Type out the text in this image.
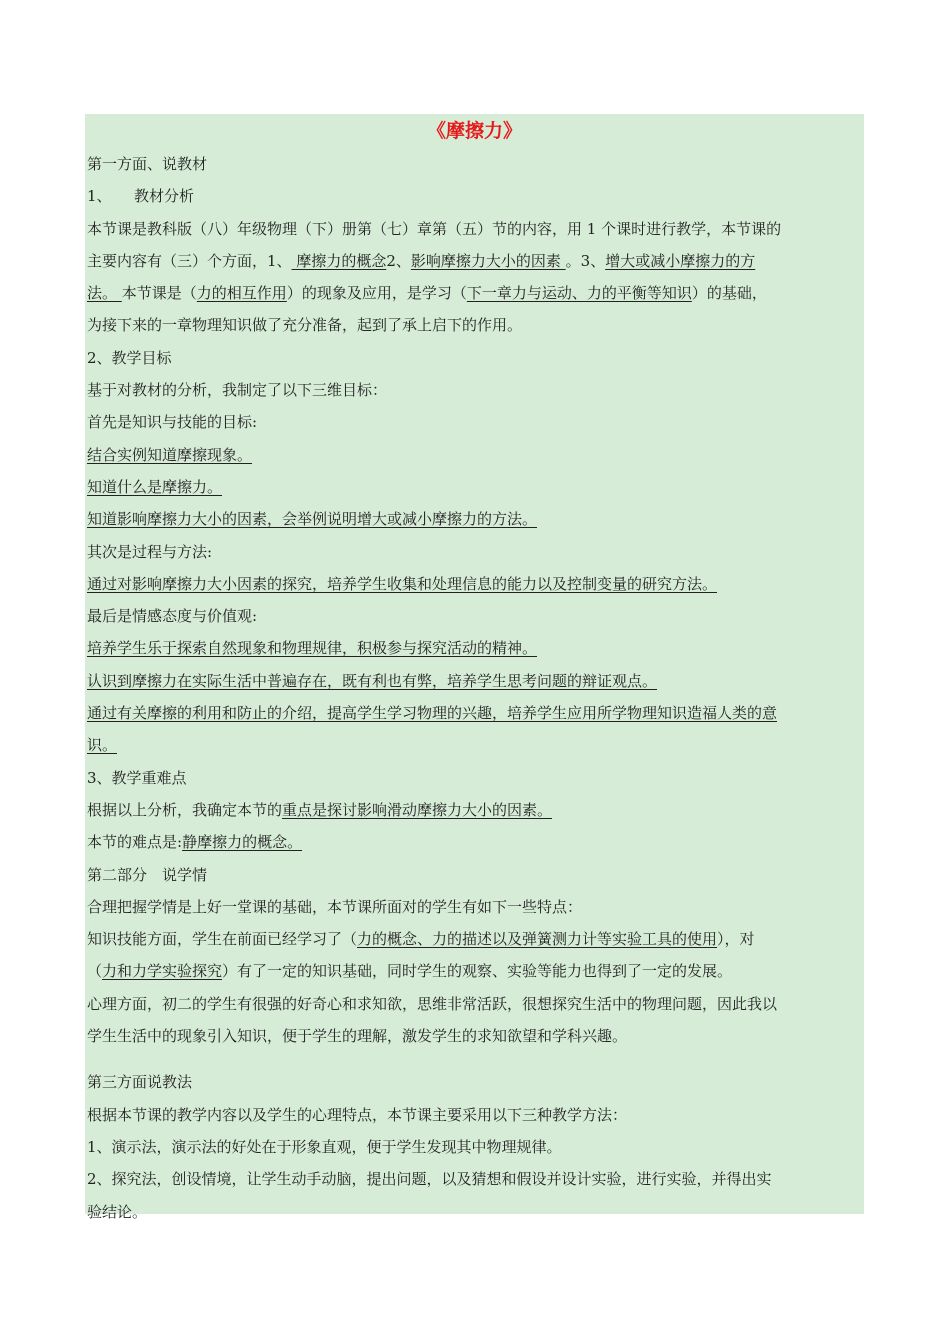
《摩擦力》
第一方面、说教材
1、　　教材分析
本节课是教科版（八）年级物理（下）册第（七）章第（五）节的内容，用 1 个课时进行教学，本节课的
主要内容有（三）个方面，1、 摩擦力的概念2、影响摩擦力大小的因素 。3、增大或减小摩擦力的方
法。 本节课是（力的相互作用）的现象及应用，是学习（下一章力与运动、力的平衡等知识）的基础，
为接下来的一章物理知识做了充分准备，起到了承上启下的作用。
2、教学目标
基于对教材的分析，我制定了以下三维目标：
首先是知识与技能的目标:
结合实例知道摩擦现象。
知道什么是摩擦力。
知道影响摩擦力大小的因素，会举例说明增大或减小摩擦力的方法。
其次是过程与方法:
通过对影响摩擦力大小因素的探究，培养学生收集和处理信息的能力以及控制变量的研究方法。
最后是情感态度与价值观:
培养学生乐于探索自然现象和物理规律，积极参与探究活动的精神。
认识到摩擦力在实际生活中普遍存在，既有利也有弊，培养学生思考问题的辩证观点。
通过有关摩擦的利用和防止的介绍，提高学生学习物理的兴趣，培养学生应用所学物理知识造福人类的意
识。
3、教学重难点
根据以上分析，我确定本节的重点是探讨影响滑动摩擦力大小的因素。
本节的难点是:静摩擦力的概念。
第二部分　说学情
合理把握学情是上好一堂课的基础，本节课所面对的学生有如下一些特点：
知识技能方面，学生在前面已经学习了（力的概念、力的描述以及弹簧测力计等实验工具的使用），对
（力和力学实验探究）有了一定的知识基础，同时学生的观察、实验等能力也得到了一定的发展。
心理方面，初二的学生有很强的好奇心和求知欲，思维非常活跃，很想探究生活中的物理问题，因此我以
学生生活中的现象引入知识，便于学生的理解，激发学生的求知欲望和学科兴趣。
第三方面说教法
根据本节课的教学内容以及学生的心理特点，本节课主要采用以下三种教学方法：
1、演示法，演示法的好处在于形象直观，便于学生发现其中物理规律。
2、探究法，创设情境，让学生动手动脑，提出问题，以及猜想和假设并设计实验，进行实验，并得出实
验结论。
